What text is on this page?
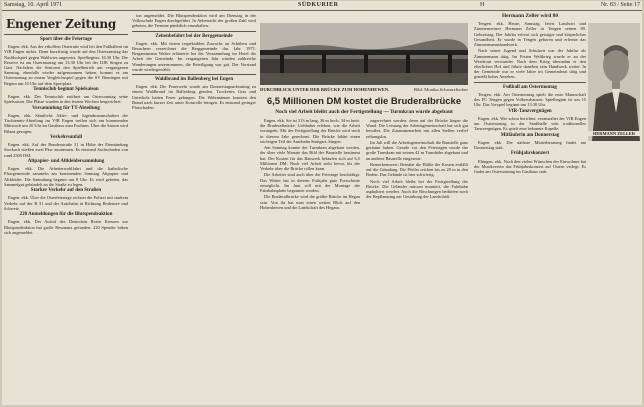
Samstag, 10. April 1971	SÜDKURIER	H	Nr. 83 / Seite 17
Engener Zeitung

Sport über die Feiertage

Engen. ekk. Aus der erhofften Osterruhe wird bei den Fußballern im VfR Engen nichts. Denn kurzfristig wurde auf den Ostersamstag das Nachholspiel gegen Wahlwies angesetzt. Spielbeginn: 16.30 Uhr. Die Reserve ist am Ostermontag um 13.30 Uhr bei der DJK Singen zu Gast. Nachdem die Senioren den Spielbetrieb am vergangenen Samstag, ebenfalls wieder aufgenommen haben, kommt es am Ostermontag zu einem Vergleichsspiel gegen die SV Binningen mit Beginn um 10 Uhr auf dem Sportplatz.

Tennisclub beginnt Spielsaison

Engen. ekk. Der Tennisclub eröffnet am Ostersonntag seine Spielsaison. Die Plätze wurden in den letzten Wochen hergerichtet.

Versammlung für TT-Abteilung

Engen. ekk. Sämtliche Aktiv- und Jugendmannschaften der Tischtennis-Abteilung im VfR Engen treffen sich am kommenden Mittwoch um 20 Uhr im Gasthaus zum Fuchsen. Über die Saison wird Bilanz gezogen.

Verkehrsunfall

Engen. ekk. Auf der Bundesstraße 31 in Höhe der Einmündung Stockach stießen zwei Pkw zusammen. Es entstand Sachschaden von rund 2500 DM.

Altpapier- und Altkleidersammlung

Engen. ekk. Die Arbeiterwohlfahrt und die katholische Pfarrgemeinde sammeln am kommenden Samstag Altpapier und Altkleider. Die Sammlung beginnt um 8 Uhr. Es wird gebeten, das Sammelgut gebündelt an die Straße zu legen.

Starker Verkehr auf den Straßen

Engen. ekk. Über die Osterfeiertage rechnet die Polizei mit starkem Verkehr auf der B 31 und der Autobahn in Richtung Bodensee und Schweiz.

220 Anmeldungen für die Blutspendeaktion

Engen. ekk. Der Aufruf des Deutschen Roten Kreuzes zur Blutspendeaktion hat große Resonanz gefunden. 220 Spender haben sich angemeldet.

ton angemeldet. Die Blutspendeaktion wird am Dienstag in der Volksschule Engen durchgeführt. In Anbetracht der großen Zahl wird gebeten, die Termine pünktlich einzuhalten.

Zeitenbefahrt bei der Berggemeinde

Engen. ekk. Mit einem respektablen Zuwachs an Schülern und Besuchern verzeichnet die Berggemeinde das Jahr 1971. Bergamtmann Walter erläuterte bei der Versammlung im Hotel die Arbeit der Gemeinde. Im vergangenen Jahr wurden zahlreiche Wanderungen unternommen, die Beteiligung war gut. Der Vorstand wurde wiedergewählt.

Waldbrand im Ballenberg bei Engen

Engen. ekk. Die Feuerwehr wurde am Donnerstagnachmittag zu einem Waldbrand im Ballenberg gerufen. Trockenes Gras und Unterholz hatten Feuer gefangen. Die Wehrmänner konnten den Brand nach kurzer Zeit unter Kontrolle bringen. Es entstand geringer Flurschaden.

DURCHBLICK UNTER DER BRÜCKE ZUM HOHENHEWEN.	Bild: Monika Schwarzfischer
6,5 Millionen DM kostet die Bruderalbrücke
Noch viel Arbeit bleibt auch der Fertigstellung — Turmkran wurde abgebaut

Engen. ekk. Sie ist 313 m lang, 36 m hoch, 34 m breit: die Bruderalbrücke. Liebhaber erleben, wie die Arbeit vorangeht. Mit der Fertigstellung der Brücke wird noch in diesem Jahr gerechnet. Die Brücke bildet einen wichtigen Teil der Autobahn Stuttgart–Singen.

Am Sonntag konnte der Turmkran abgebaut werden, der über viele Monate das Bild der Baustelle bestimmt hat. Die Kosten für das Bauwerk belaufen sich auf 6,5 Millionen DM. Noch viel Arbeit steht bevor, bis der Verkehr über die Brücke rollen kann.

Die Arbeiter sind auch über die Feiertage beschäftigt. Das Wetter hat in diesem Frühjahr gute Fortschritte ermöglicht. Im Juni soll mit der Montage der Fahrbahnplatte begonnen werden.

Die Bruderalbrücke wird die größte Brücke im Hegau sein. Von ihr hat man einen weiten Blick auf den Hohenhewen und die Landschaft des Hegaus.

zugerechnet werden, denn auf der Brücke liegen die Wand. Die Leistung der Arbeitsgemeinschaft hat sich gut bewährt. Die Zusammenarbeit mit allen Stellen verlief reibungslos.

Im Juli will die Arbeitsgemeinschaft die Baustelle ganz geräumt haben. Gerade vor den Feiertagen wurde der große Turmkran mit seinen 42 m Turmhöhe abgebaut und an anderer Baustelle eingesetzt.

Bemerkenswert: Beinahe die Hälfte der Kosten entfällt auf die Gründung. Die Pfeiler reichen bis zu 20 m in den Boden. Das Gelände ist hier schwierig.

Noch viel Arbeit bleibt bei der Fertigstellung der Brücke. Die Geländer müssen montiert, die Fahrbahn asphaltiert werden. Auch die Böschungen bedürfen noch der Bepflanzung zur Gestaltung der Landschaft.

Hermann Zeller wird 80

Tengen. ekk. Heute, Samstag, feiert Landwirt und Zimmermeister Hermann Zeller in Tengen seinen 80. Geburtstag. Der Jubilar erfreut sich geistiger und körperlicher Gesundheit. Er wurde in Tengen geboren und erlernte das Zimmermannshandwerk.

Nach seiner Jugend und Schulzeit war der Jubilar als Zimmermann tätig. Im Ersten Weltkrieg wurde er an der Westfront verwundet. Nach dem Krieg übernahm er den elterlichen Hof und führte daneben sein Handwerk weiter. In der Gemeinde war er viele Jahre im Gemeinderat tätig und genießt hohes Ansehen.

Fußball am Ostermontag

Tengen. ekk. Am Ostermontag spielt die erste Mannschaft des FC Tengen gegen Volkertshausen. Spielbeginn ist um 15 Uhr. Das Vorspiel beginnt um 13.30 Uhr.

VfR-Tanzvergnügen

Engen. ekk. Wie schon berichtet, veranstaltet der VfR Engen am Ostermontag in der Stadthalle sein traditionelles Tanzvergnügen. Es spielt eine bekannte Kapelle.

Mitläuferin am Donnerstag

Engen. ekk. Die nächste Mütterberatung findet am Donnerstag statt.

Frühjahrskonzert

Ehingen. ekk. Nach den vielen Wünschen der Einwohner hat der Musikverein das Frühjahrskonzert auf Ostern verlegt. Es findet am Ostersonntag im Gasthaus statt.

HERMANN ZELLER
